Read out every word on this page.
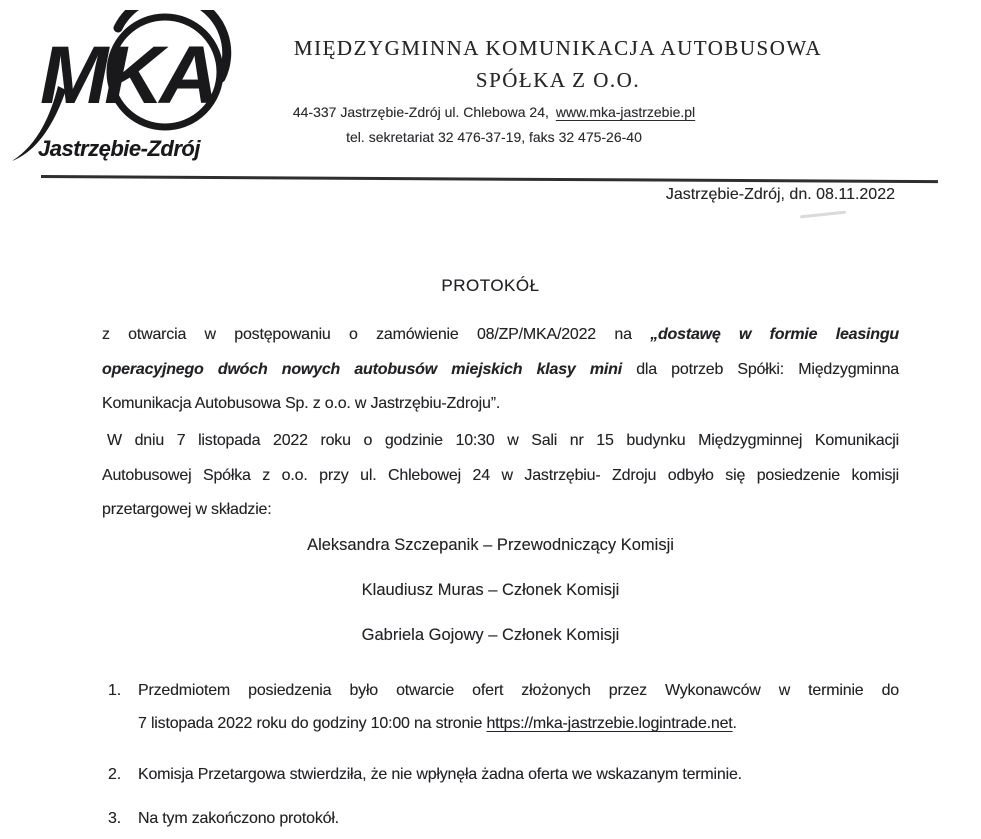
MKA
Jastrzębie-Zdrój
MIĘDZYGMINNA KOMUNIKACJA AUTOBUSOWA
SPÓŁKA Z O.O.
44-337 Jastrzębie-Zdrój ul. Chlebowa 24, www.mka-jastrzebie.pl
tel. sekretariat 32 476-37-19, faks 32 475-26-40
Jastrzębie-Zdrój, dn. 08.11.2022
PROTOKÓŁ
z otwarcia w postępowaniu o zamówienie 08/ZP/MKA/2022 na „dostawę w formie leasingu
operacyjnego dwóch nowych autobusów miejskich klasy mini dla potrzeb Spółki: Międzygminna
Komunikacja Autobusowa Sp. z o.o. w Jastrzębiu-Zdroju”.
W dniu 7 listopada 2022 roku o godzinie 10:30 w Sali nr 15 budynku Międzygminnej Komunikacji
Autobusowej Spółka z o.o. przy ul. Chlebowej 24 w Jastrzębiu- Zdroju odbyło się posiedzenie komisji
przetargowej w składzie:
Aleksandra Szczepanik – Przewodniczący Komisji
Klaudiusz Muras – Członek Komisji
Gabriela Gojowy – Członek Komisji
1.	Przedmiotem posiedzenia było otwarcie ofert złożonych przez Wykonawców w terminie do
7 listopada 2022 roku do godziny 10:00 na stronie https://mka-jastrzebie.logintrade.net.
2.	Komisja Przetargowa stwierdziła, że nie wpłynęła żadna oferta we wskazanym terminie.
3.	Na tym zakończono protokół.
